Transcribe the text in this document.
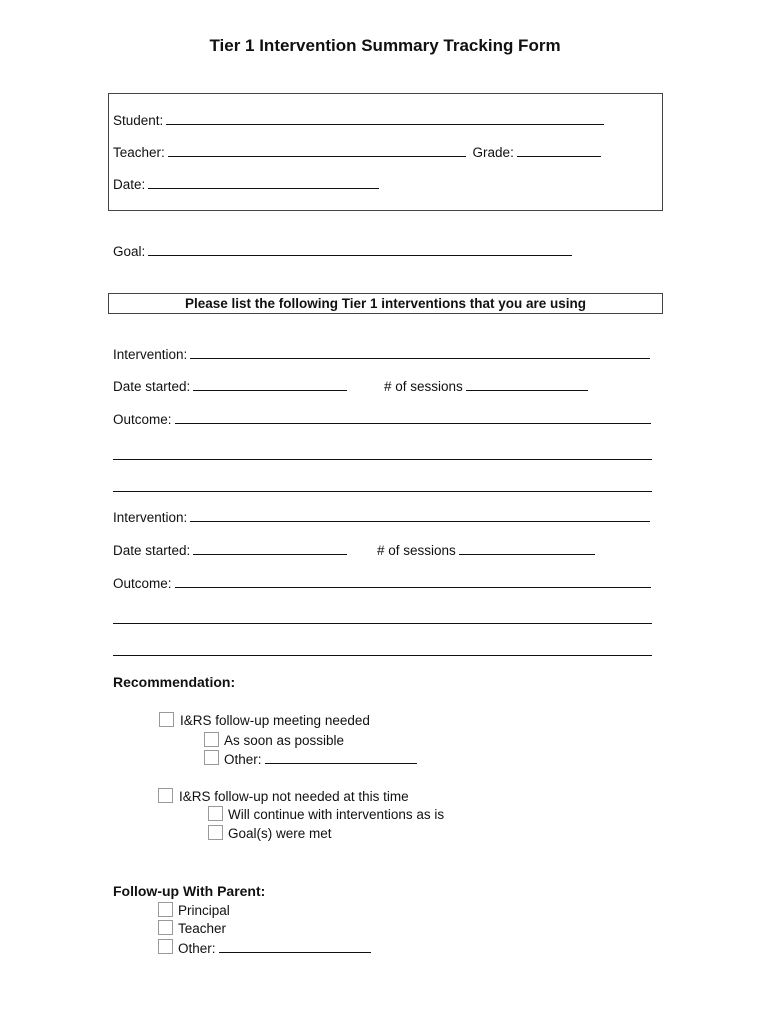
Tier 1 Intervention Summary Tracking Form
Student:
Teacher:	Grade:
Date:
Goal:
Please list the following Tier 1 interventions that you are using
Intervention:
Date started:	# of sessions
Outcome:
Intervention:
Date started:	# of sessions
Outcome:
Recommendation:
I&RS follow-up meeting needed
As soon as possible
Other:
I&RS follow-up not needed at this time
Will continue with interventions as is
Goal(s) were met
Follow-up With Parent:
Principal
Teacher
Other:
